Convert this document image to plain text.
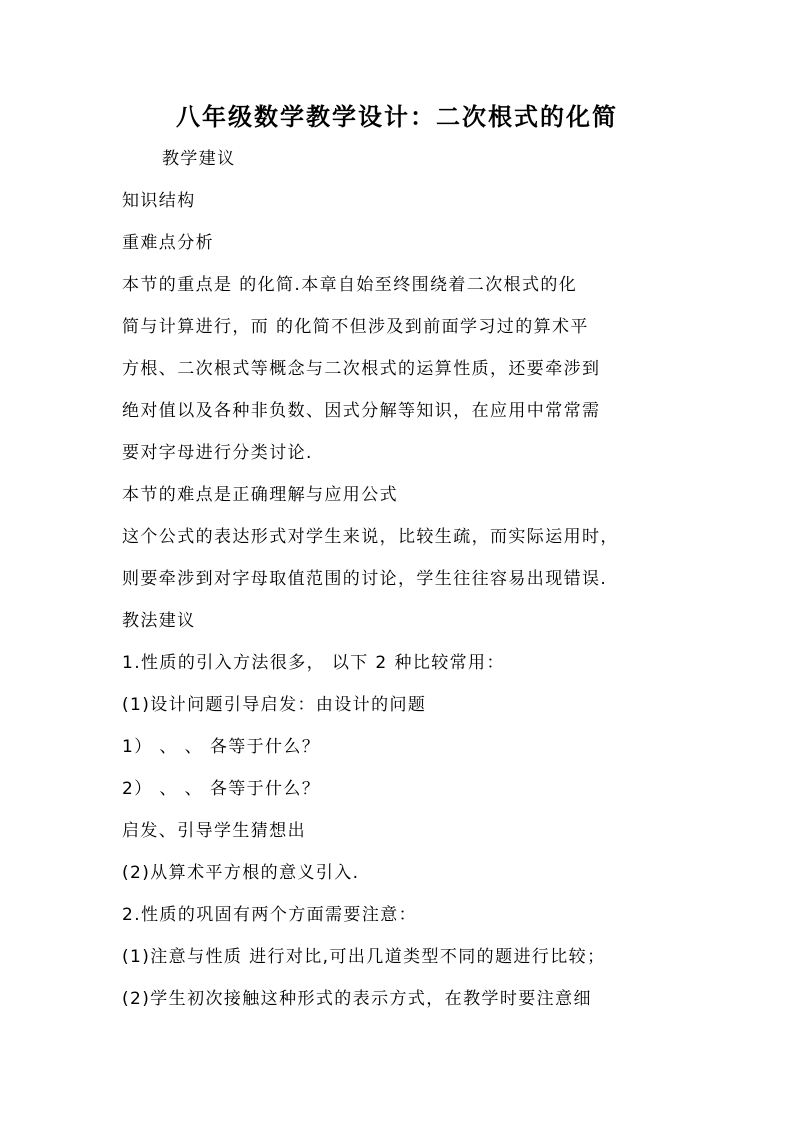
八年级数学教学设计：二次根式的化简
教学建议
知识结构
重难点分析
本节的重点是 的化简.本章自始至终围绕着二次根式的化
简与计算进行，而 的化简不但涉及到前面学习过的算术平
方根、二次根式等概念与二次根式的运算性质，还要牵涉到
绝对值以及各种非负数、因式分解等知识，在应用中常常需
要对字母进行分类讨论.
本节的难点是正确理解与应用公式
这个公式的表达形式对学生来说，比较生疏，而实际运用时，
则要牵涉到对字母取值范围的讨论，学生往往容易出现错误.
教法建议
1.性质的引入方法很多， 以下 2 种比较常用：
(1)设计问题引导启发：由设计的问题
1） 、 、 各等于什么？
2） 、 、 各等于什么？
启发、引导学生猜想出
(2)从算术平方根的意义引入.
2.性质的巩固有两个方面需要注意：
(1)注意与性质 进行对比,可出几道类型不同的题进行比较；
(2)学生初次接触这种形式的表示方式，在教学时要注意细
